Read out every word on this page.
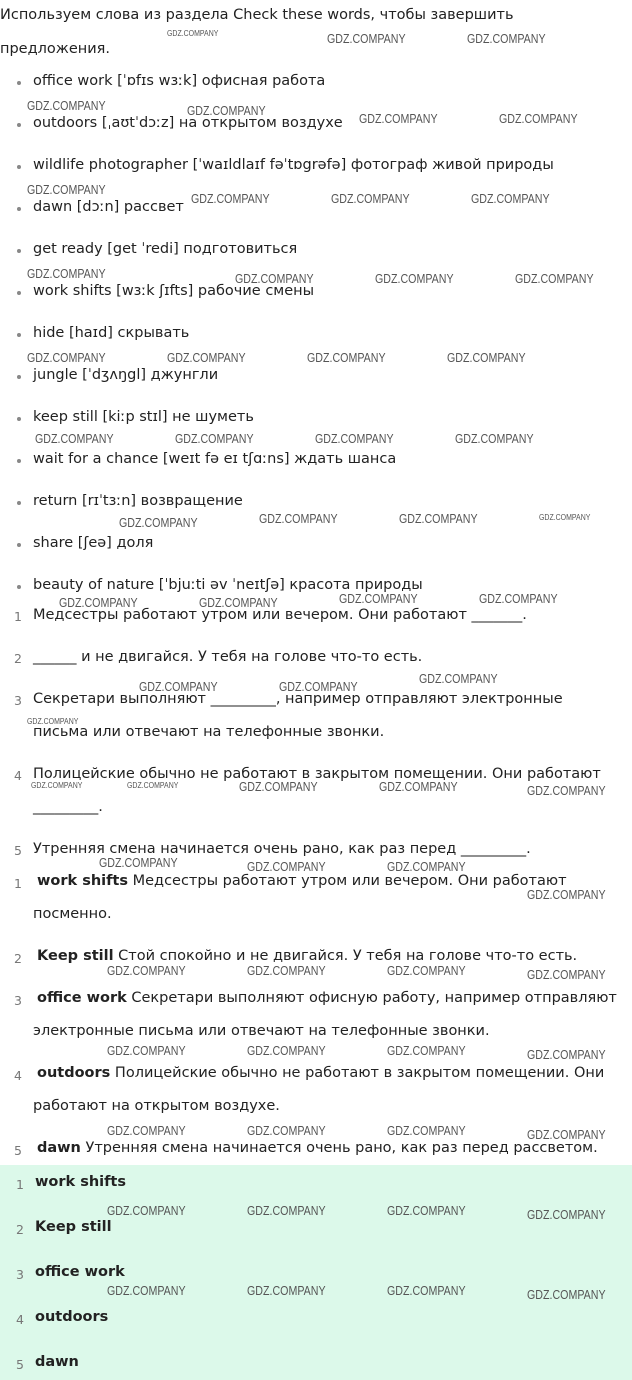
Используем слова из раздела Check these words, чтобы завершить
предложения.
office work [ˈɒfɪs wɜːk] офисная работа
outdoors [ˌaʊtˈdɔːz] на открытом воздухе
wildlife photographer [ˈwaɪldlaɪf fəˈtɒgrəfə] фотограф живой природы
dawn [dɔːn] рассвет
get ready [get ˈredi] подготовиться
work shifts [wɜːk ʃɪfts] рабочие смены
hide [haɪd] скрывать
jungle [ˈdʒʌŋgl] джунгли
keep still [kiːp stɪl] не шуметь
wait for a chance [weɪt fə eɪ tʃɑːns] ждать шанса
return [rɪˈtɜːn] возвращение
share [ʃeə] доля
beauty of nature [ˈbjuːti əv ˈneɪtʃə] красота природы
1 Медсестры работают утром или вечером. Они работают _______.
2 ______ и не двигайся. У тебя на голове что-то есть.
3 Секретари выполняют _________, например отправляют электронные
письма или отвечают на телефонные звонки.
4 Полицейские обычно не работают в закрытом помещении. Они работают
_________.
5 Утренняя смена начинается очень рано, как раз перед _________.
1 work shifts Медсестры работают утром или вечером. Они работают
посменно.
2 Keep still Стой спокойно и не двигайся. У тебя на голове что-то есть.
3 office work Секретари выполняют офисную работу, например отправляют
электронные письма или отвечают на телефонные звонки.
4 outdoors Полицейские обычно не работают в закрытом помещении. Они
работают на открытом воздухе.
5 dawn Утренняя смена начинается очень рано, как раз перед рассветом.
1 work shifts
2 Keep still
3 office work
4 outdoors
5 dawn
GDZ.COMPANY	GDZ.COMPANY	GDZ.COMPANY
GDZ.COMPANY	GDZ.COMPANY
GDZ.COMPANY	GDZ.COMPANY
GDZ.COMPANY
GDZ.COMPANY	GDZ.COMPANY	GDZ.COMPANY
GDZ.COMPANY	GDZ.COMPANY	GDZ.COMPANY	GDZ.COMPANY
GDZ.COMPANY	GDZ.COMPANY	GDZ.COMPANY	GDZ.COMPANY
GDZ.COMPANY	GDZ.COMPANY	GDZ.COMPANY	GDZ.COMPANY
GDZ.COMPANY	GDZ.COMPANY	GDZ.COMPANY	GDZ.COMPANY
GDZ.COMPANY	GDZ.COMPANY	GDZ.COMPANY	GDZ.COMPANY
GDZ.COMPANY	GDZ.COMPANY
GDZ.COMPANY
GDZ.COMPANY
GDZ.COMPANY	GDZ.COMPANY	GDZ.COMPANY	GDZ.COMPANY	GDZ.COMPANY
GDZ.COMPANY	GDZ.COMPANY	GDZ.COMPANY
GDZ.COMPANY
GDZ.COMPANY	GDZ.COMPANY	GDZ.COMPANY	GDZ.COMPANY
GDZ.COMPANY	GDZ.COMPANY	GDZ.COMPANY	GDZ.COMPANY
GDZ.COMPANY	GDZ.COMPANY	GDZ.COMPANY	GDZ.COMPANY
GDZ.COMPANY	GDZ.COMPANY	GDZ.COMPANY	GDZ.COMPANY
GDZ.COMPANY	GDZ.COMPANY	GDZ.COMPANY	GDZ.COMPANY
